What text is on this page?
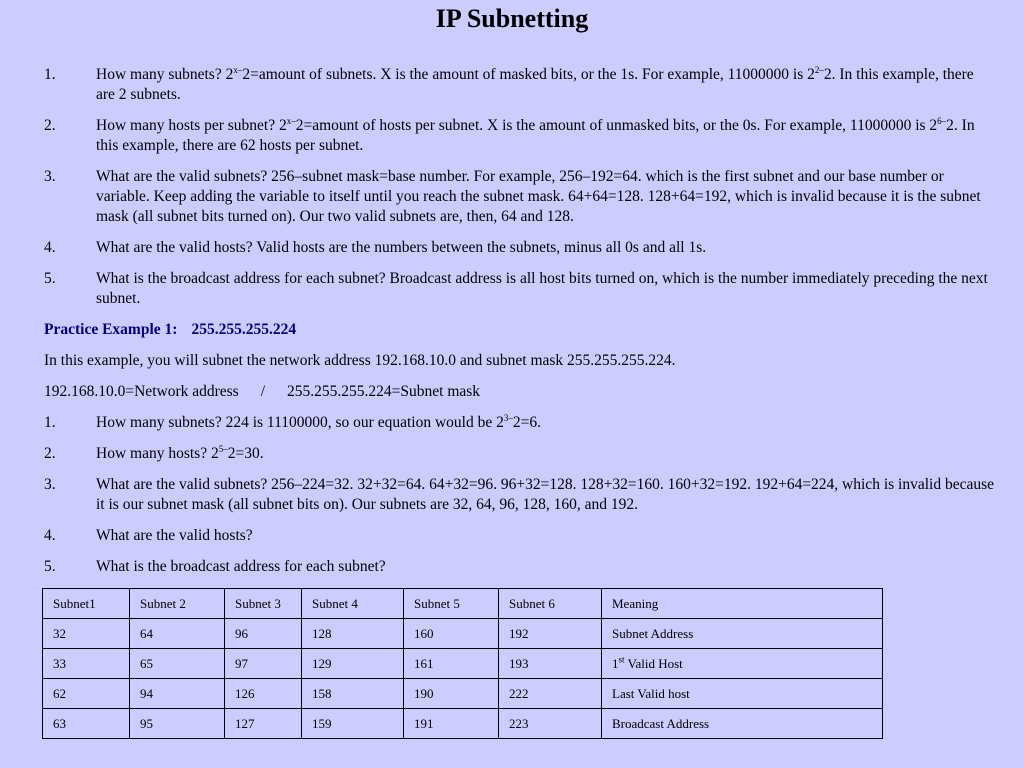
IP Subnetting
1.	How many subnets? $2^{x-}2=amount$ of subnets. X is the amount of masked bits, or the 1s. For example, 11000000 is $2^{2-}2$. In this example, there are 2 subnets.
2.	How many hosts per subnet? $2^{x-}2=amount$ of hosts per subnet. X is the amount of unmasked bits, or the 0s. For example, 11000000 is $2^{6-}2$. In this example, there are 62 hosts per subnet.
3.	What are the valid subnets? 256–subnet mask=base number. For example, 256–192=64. which is the first subnet and our base number or variable. Keep adding the variable to itself until you reach the subnet mask. 64+64=128. 128+64=192, which is invalid because it is the subnet mask (all subnet bits turned on). Our two valid subnets are, then, 64 and 128.
4.	What are the valid hosts? Valid hosts are the numbers between the subnets, minus all 0s and all 1s.
5.	What is the broadcast address for each subnet? Broadcast address is all host bits turned on, which is the number immediately preceding the next subnet.
Practice Example 1: 255.255.255.224
In this example, you will subnet the network address 192.168.10.0 and subnet mask 255.255.255.224.
192.168.10.0=Network address / 255.255.255.224=Subnet mask
1.	How many subnets? 224 is 11100000, so our equation would be $2^{3-}2=6$.
2.	How many hosts? $2^{5-}2=30$.
3.	What are the valid subnets? 256–224=32. 32+32=64. 64+32=96. 96+32=128. 128+32=160. 160+32=192. 192+64=224, which is invalid because it is our subnet mask (all subnet bits on). Our subnets are 32, 64, 96, 128, 160, and 192.
4.	What are the valid hosts?
5.	What is the broadcast address for each subnet?
Subnet1	Subnet 2	Subnet 3	Subnet 4	Subnet 5	Subnet 6	Meaning
32	64	96	128	160	192	Subnet Address
33	65	97	129	161	193	1st Valid Host
62	94	126	158	190	222	Last Valid host
63	95	127	159	191	223	Broadcast Address
